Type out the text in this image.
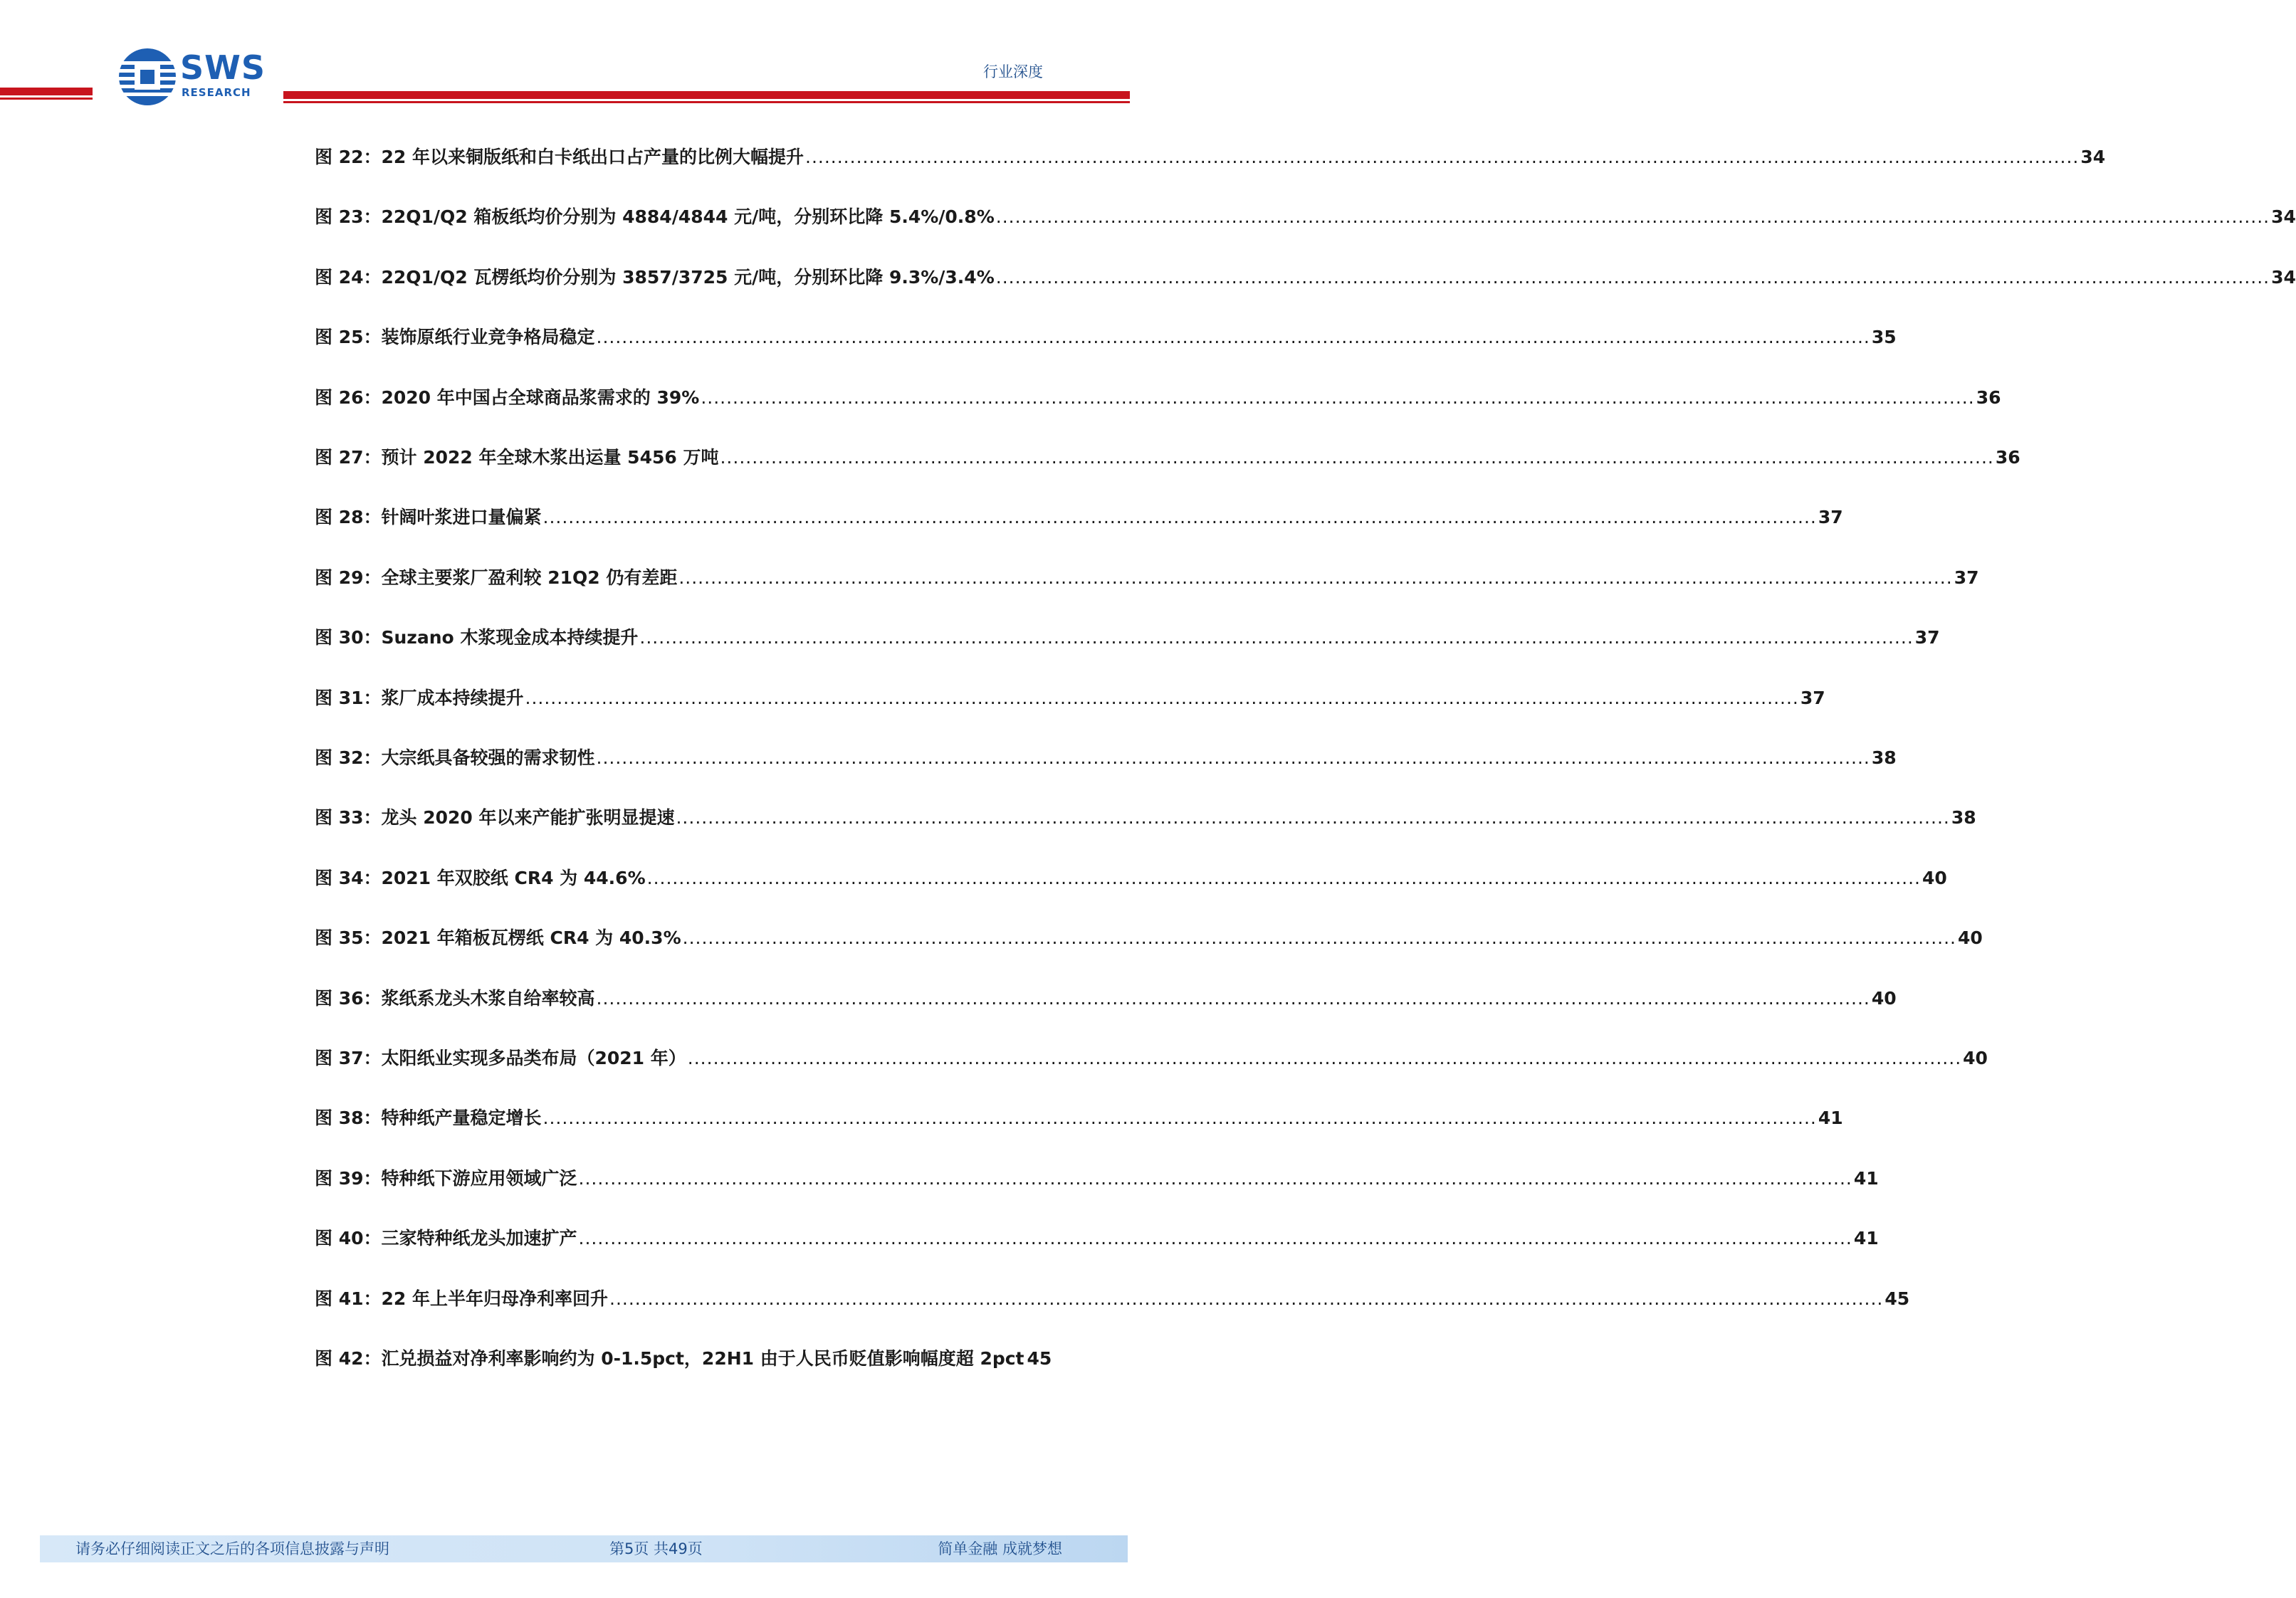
SWS
RESEARCH
行业深度
图 22：22 年以来铜版纸和白卡纸出口占产量的比例大幅提升 ........................................................................................................................................................................................................ 34
图 23：22Q1/Q2 箱板纸均价分别为 4884/4844 元/吨，分别环比降 5.4%/0.8% ........................................................................................................................................................................................................ 34
图 24：22Q1/Q2 瓦楞纸均价分别为 3857/3725 元/吨，分别环比降 9.3%/3.4% ........................................................................................................................................................................................................ 34
图 25：装饰原纸行业竞争格局稳定 ........................................................................................................................................................................................................ 35
图 26：2020 年中国占全球商品浆需求的 39% ........................................................................................................................................................................................................ 36
图 27：预计 2022 年全球木浆出运量 5456 万吨 ........................................................................................................................................................................................................ 36
图 28：针阔叶浆进口量偏紧 ........................................................................................................................................................................................................ 37
图 29：全球主要浆厂盈利较 21Q2 仍有差距 ........................................................................................................................................................................................................ 37
图 30：Suzano 木浆现金成本持续提升 ........................................................................................................................................................................................................ 37
图 31：浆厂成本持续提升 ........................................................................................................................................................................................................ 37
图 32：大宗纸具备较强的需求韧性 ........................................................................................................................................................................................................ 38
图 33：龙头 2020 年以来产能扩张明显提速 ........................................................................................................................................................................................................ 38
图 34：2021 年双胶纸 CR4 为 44.6% ........................................................................................................................................................................................................ 40
图 35：2021 年箱板瓦楞纸 CR4 为 40.3% ........................................................................................................................................................................................................ 40
图 36：浆纸系龙头木浆自给率较高 ........................................................................................................................................................................................................ 40
图 37：太阳纸业实现多品类布局（2021 年） ........................................................................................................................................................................................................ 40
图 38：特种纸产量稳定增长 ........................................................................................................................................................................................................ 41
图 39：特种纸下游应用领域广泛 ........................................................................................................................................................................................................ 41
图 40：三家特种纸龙头加速扩产 ........................................................................................................................................................................................................ 41
图 41：22 年上半年归母净利率回升 ........................................................................................................................................................................................................ 45
图 42：汇兑损益对净利率影响约为 0-1.5pct，22H1 由于人民币贬值影响幅度超 2pct 45
请务必仔细阅读正文之后的各项信息披露与声明	第5页 共49页	简单金融 成就梦想
